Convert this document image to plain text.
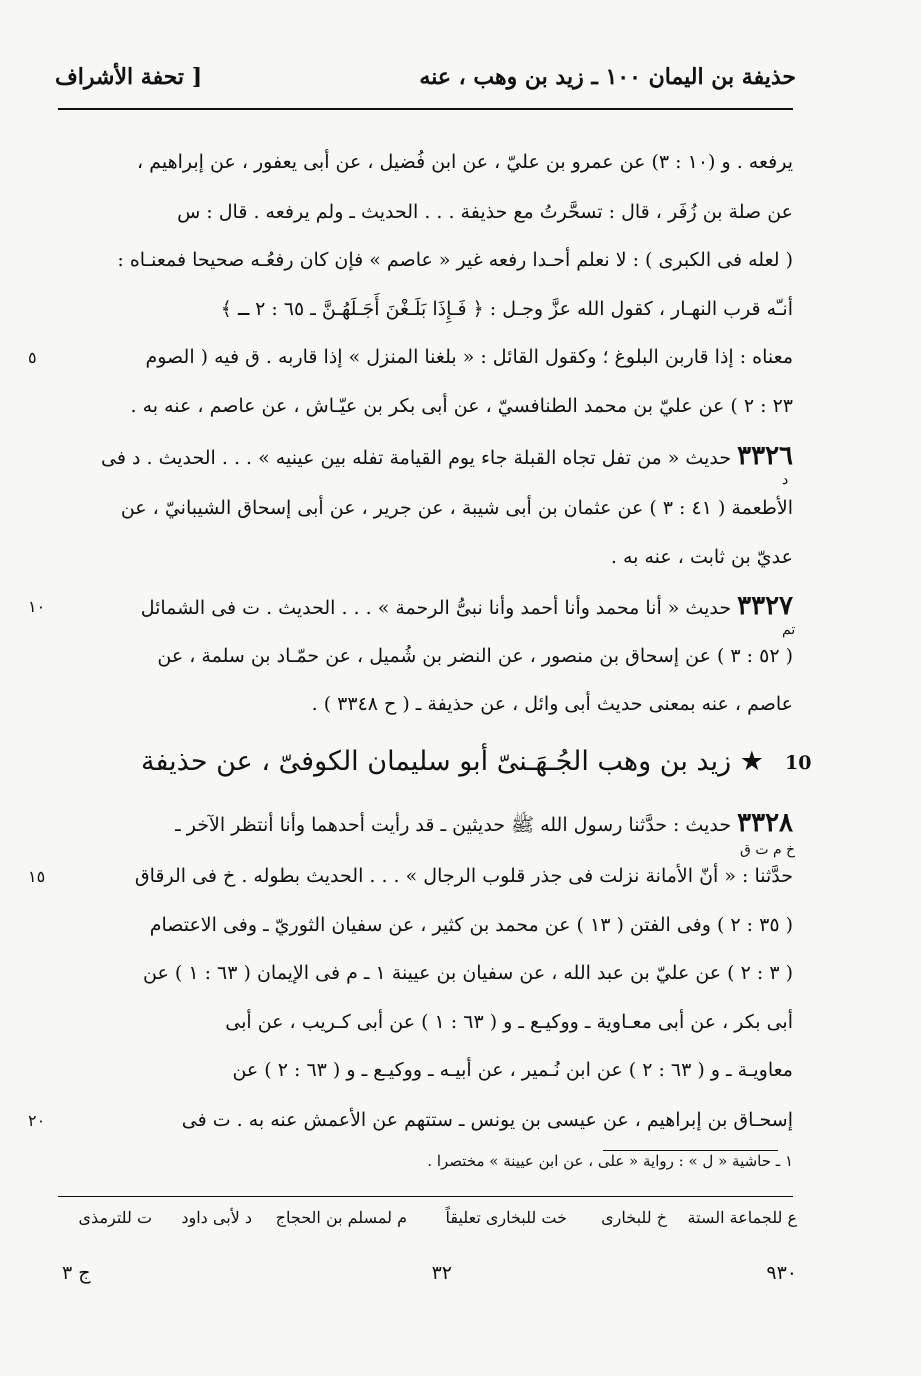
حذيفة بن اليمان ١٠٠ ـ زيد بن وهب ، عنه
[ تحفة الأشراف
يرفعه . و (١٠ : ٣) عن عمرو بن عليّ ، عن ابن فُضيل ، عن أبى يعفور ، عن إبراهيم ،
عن صلة بن زُفَر ، قال : تسحَّرتُ مع حذيفة . . . الحديث ـ ولم يرفعه . قال : س
( لعله فى الكبرى ) : لا نعلم أحـدا رفعه غير « عاصم » فإن كان رفعُـه صحيحا فمعنـاه :
أنـّه قرب النهـار ، كقول الله عزَّ وجـل : ﴿ فَـإِذَا بَلَـغْنَ أَجَـلَهُـنَّ ـ ٦٥ : ٢ ـ ﴾
معناه : إذا قاربن البلوغ ؛ وكقول القائل : « بلغنا المنزل » إذا قاربه . ق فيه ( الصوم
٢٣ : ٢ ) عن عليّ بن محمد الطنافسيّ ، عن أبى بكر بن عيّـاش ، عن عاصم ، عنه به .
٣٣٢٦ حديث « من تفل تجاه القبلة جاء يوم القيامة تفله بين عينيه » . . . الحديث . د فى
الأطعمة ( ٤١ : ٣ ) عن عثمان بن أبى شيبة ، عن جرير ، عن أبى إسحاق الشيبانيّ ، عن
عديّ بن ثابت ، عنه به .
٣٣٢٧ حديث « أنا محمد وأنا أحمد وأنا نبىُّ الرحمة » . . . الحديث . ت فى الشمائل
( ٥٢ : ٣ ) عن إسحاق بن منصور ، عن النضر بن شُميل ، عن حمّـاد بن سلمة ، عن
عاصم ، عنه بمعنى حديث أبى وائل ، عن حذيفة ـ ( ح ٣٣٤٨ ) .
٣٣٢٨ حديث : حدَّثنا رسول الله ﷺ حديثين ـ قد رأيت أحدهما وأنا أنتظر الآخر ـ
حدَّثنا : « أنّ الأمانة نزلت فى جذر قلوب الرجال » . . . الحديث بطوله . خ فى الرقاق
( ٣٥ : ٢ ) وفى الفتن ( ١٣ ) عن محمد بن كثير ، عن سفيان الثوريّ ـ وفى الاعتصام
( ٣ : ٢ ) عن عليّ بن عبد الله ، عن سفيان بن عيينة ١ ـ م فى الإيمان ( ٦٣ : ١ ) عن
أبى بكر ، عن أبى معـاوية ـ ووكيـع ـ و ( ٦٣ : ١ ) عن أبى كـريب ، عن أبى
معاويـة ـ و ( ٦٣ : ٢ ) عن ابن نُـمير ، عن أبيـه ـ ووكيـع ـ و ( ٦٣ : ٢ ) عن
إسحـاق بن إبراهيم ، عن عيسى بن يونس ـ ستتهم عن الأعمش عنه به . ت فى
٥
١٠
١٥
٢٠
د
تم
خ م ت ق
10
★ زيد بن وهب الجُـهَـنىّ أبو سليمان الكوفىّ ، عن حذيفة
١ ـ حاشية « ل » : رواية « على ، عن ابن عيينة » مختصرا .
ع للجماعة الستة
خ للبخارى
خت للبخارى تعليقاً
م لمسلم بن الحجاج
د لأبى داود
ت للترمذى
٩٣٠
٣٢
ج ٣
